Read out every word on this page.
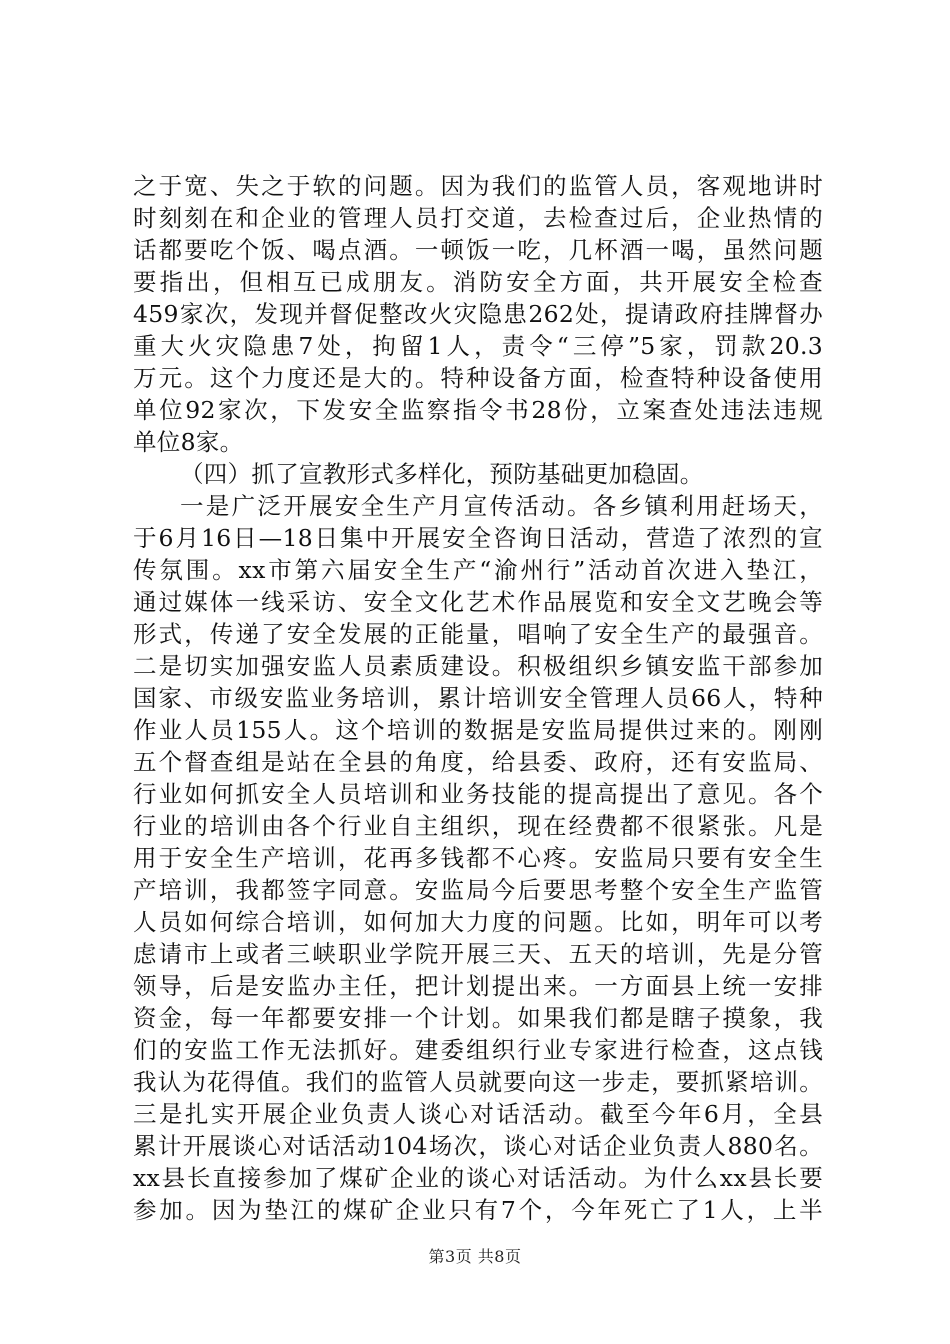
之于宽、失之于软的问题。因为我们的监管人员，客观地讲时
时刻刻在和企业的管理人员打交道，去检查过后，企业热情的
话都要吃个饭、喝点酒。一顿饭一吃，几杯酒一喝，虽然问题
要指出，但相互已成朋友。消防安全方面，共开展安全检查
459家次，发现并督促整改火灾隐患262处，提请政府挂牌督办
重大火灾隐患7处，拘留1人，责令“三停”5家，罚款20.3
万元。这个力度还是大的。特种设备方面，检查特种设备使用
单位92家次，下发安全监察指令书28份，立案查处违法违规
单位8家。
（四）抓了宣教形式多样化，预防基础更加稳固。
一是广泛开展安全生产月宣传活动。各乡镇利用赶场天，
于6月16日—18日集中开展安全咨询日活动，营造了浓烈的宣
传氛围。xx市第六届安全生产“渝州行”活动首次进入垫江，
通过媒体一线采访、安全文化艺术作品展览和安全文艺晚会等
形式，传递了安全发展的正能量，唱响了安全生产的最强音。
二是切实加强安监人员素质建设。积极组织乡镇安监干部参加
国家、市级安监业务培训，累计培训安全管理人员66人，特种
作业人员155人。这个培训的数据是安监局提供过来的。刚刚
五个督查组是站在全县的角度，给县委、政府，还有安监局、
行业如何抓安全人员培训和业务技能的提高提出了意见。各个
行业的培训由各个行业自主组织，现在经费都不很紧张。凡是
用于安全生产培训，花再多钱都不心疼。安监局只要有安全生
产培训，我都签字同意。安监局今后要思考整个安全生产监管
人员如何综合培训，如何加大力度的问题。比如，明年可以考
虑请市上或者三峡职业学院开展三天、五天的培训，先是分管
领导，后是安监办主任，把计划提出来。一方面县上统一安排
资金，每一年都要安排一个计划。如果我们都是瞎子摸象，我
们的安监工作无法抓好。建委组织行业专家进行检查，这点钱
我认为花得值。我们的监管人员就要向这一步走，要抓紧培训。
三是扎实开展企业负责人谈心对话活动。截至今年6月，全县
累计开展谈心对话活动104场次，谈心对话企业负责人880名。
xx县长直接参加了煤矿企业的谈心对话活动。为什么xx县长要
参加。因为垫江的煤矿企业只有7个，今年死亡了1人，上半
第3页 共8页
